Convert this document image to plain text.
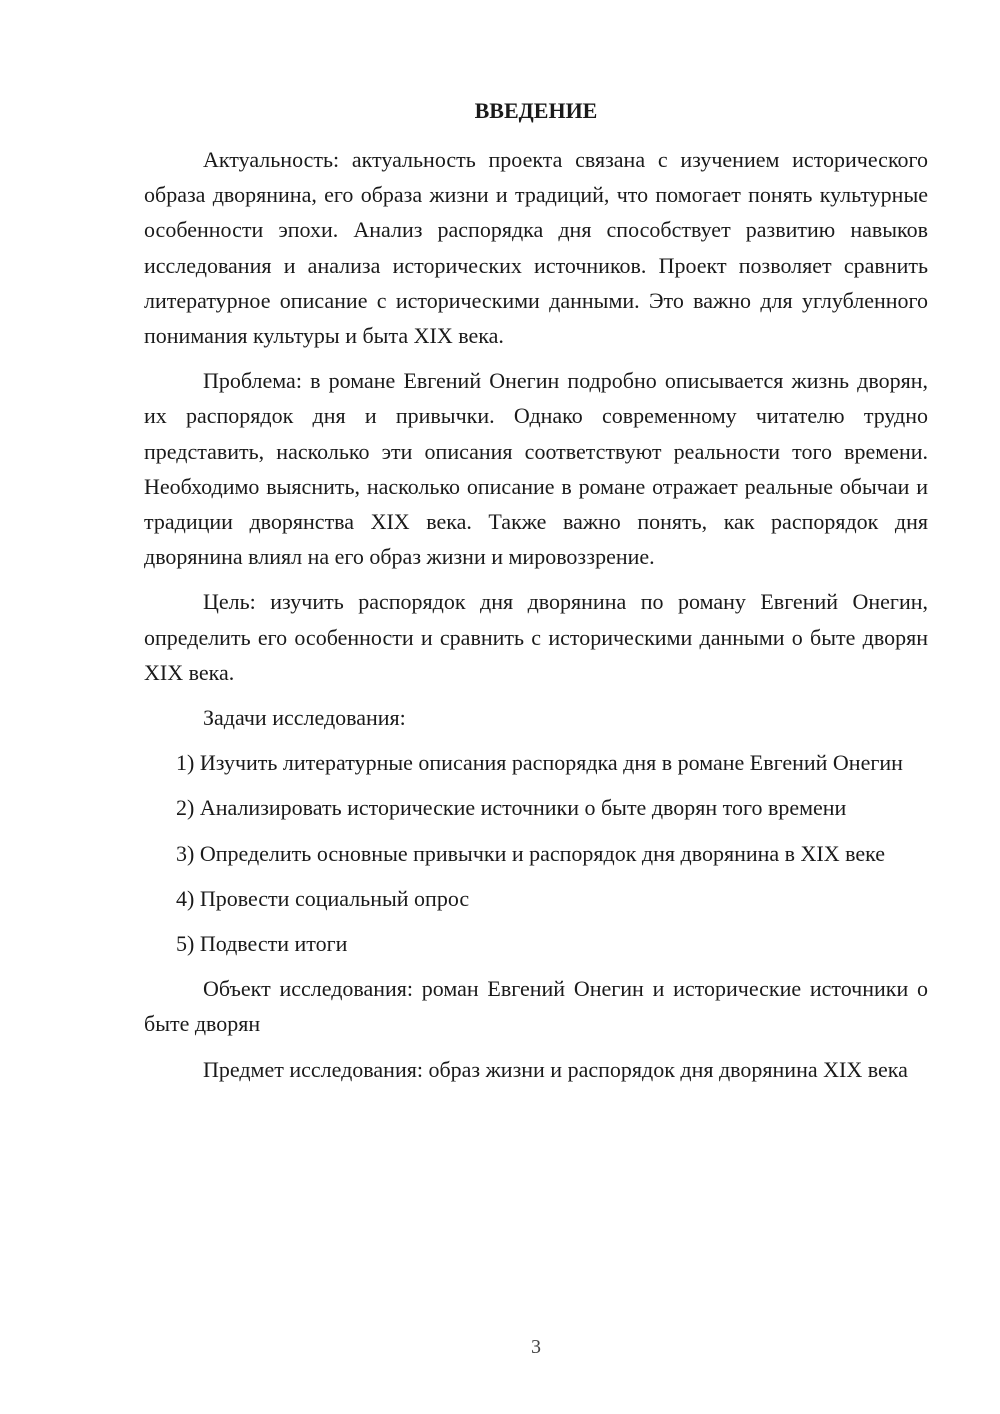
ВВЕДЕНИЕ

Актуальность: актуальность проекта связана с изучением исторического образа дворянина, его образа жизни и традиций, что помогает понять культурные особенности эпохи. Анализ распорядка дня способствует развитию навыков исследования и анализа исторических источников. Проект позволяет сравнить литературное описание с историческими данными. Это важно для углубленного понимания культуры и быта XIX века.

Проблема: в романе Евгений Онегин подробно описывается жизнь дворян, их распорядок дня и привычки. Однако современному читателю трудно представить, насколько эти описания соответствуют реальности того времени. Необходимо выяснить, насколько описание в романе отражает реальные обычаи и традиции дворянства XIX века. Также важно понять, как распорядок дня дворянина влиял на его образ жизни и мировоззрение.

Цель: изучить распорядок дня дворянина по роману Евгений Онегин, определить его особенности и сравнить с историческими данными о быте дворян XIX века.

Задачи исследования:

1) Изучить литературные описания распорядка дня в романе Евгений Онегин

2) Анализировать исторические источники о быте дворян того времени

3) Определить основные привычки и распорядок дня дворянина в XIX веке

4) Провести социальный опрос

5) Подвести итоги

Объект исследования: роман Евгений Онегин и исторические источники о быте дворян

Предмет исследования: образ жизни и распорядок дня дворянина XIX века

3
